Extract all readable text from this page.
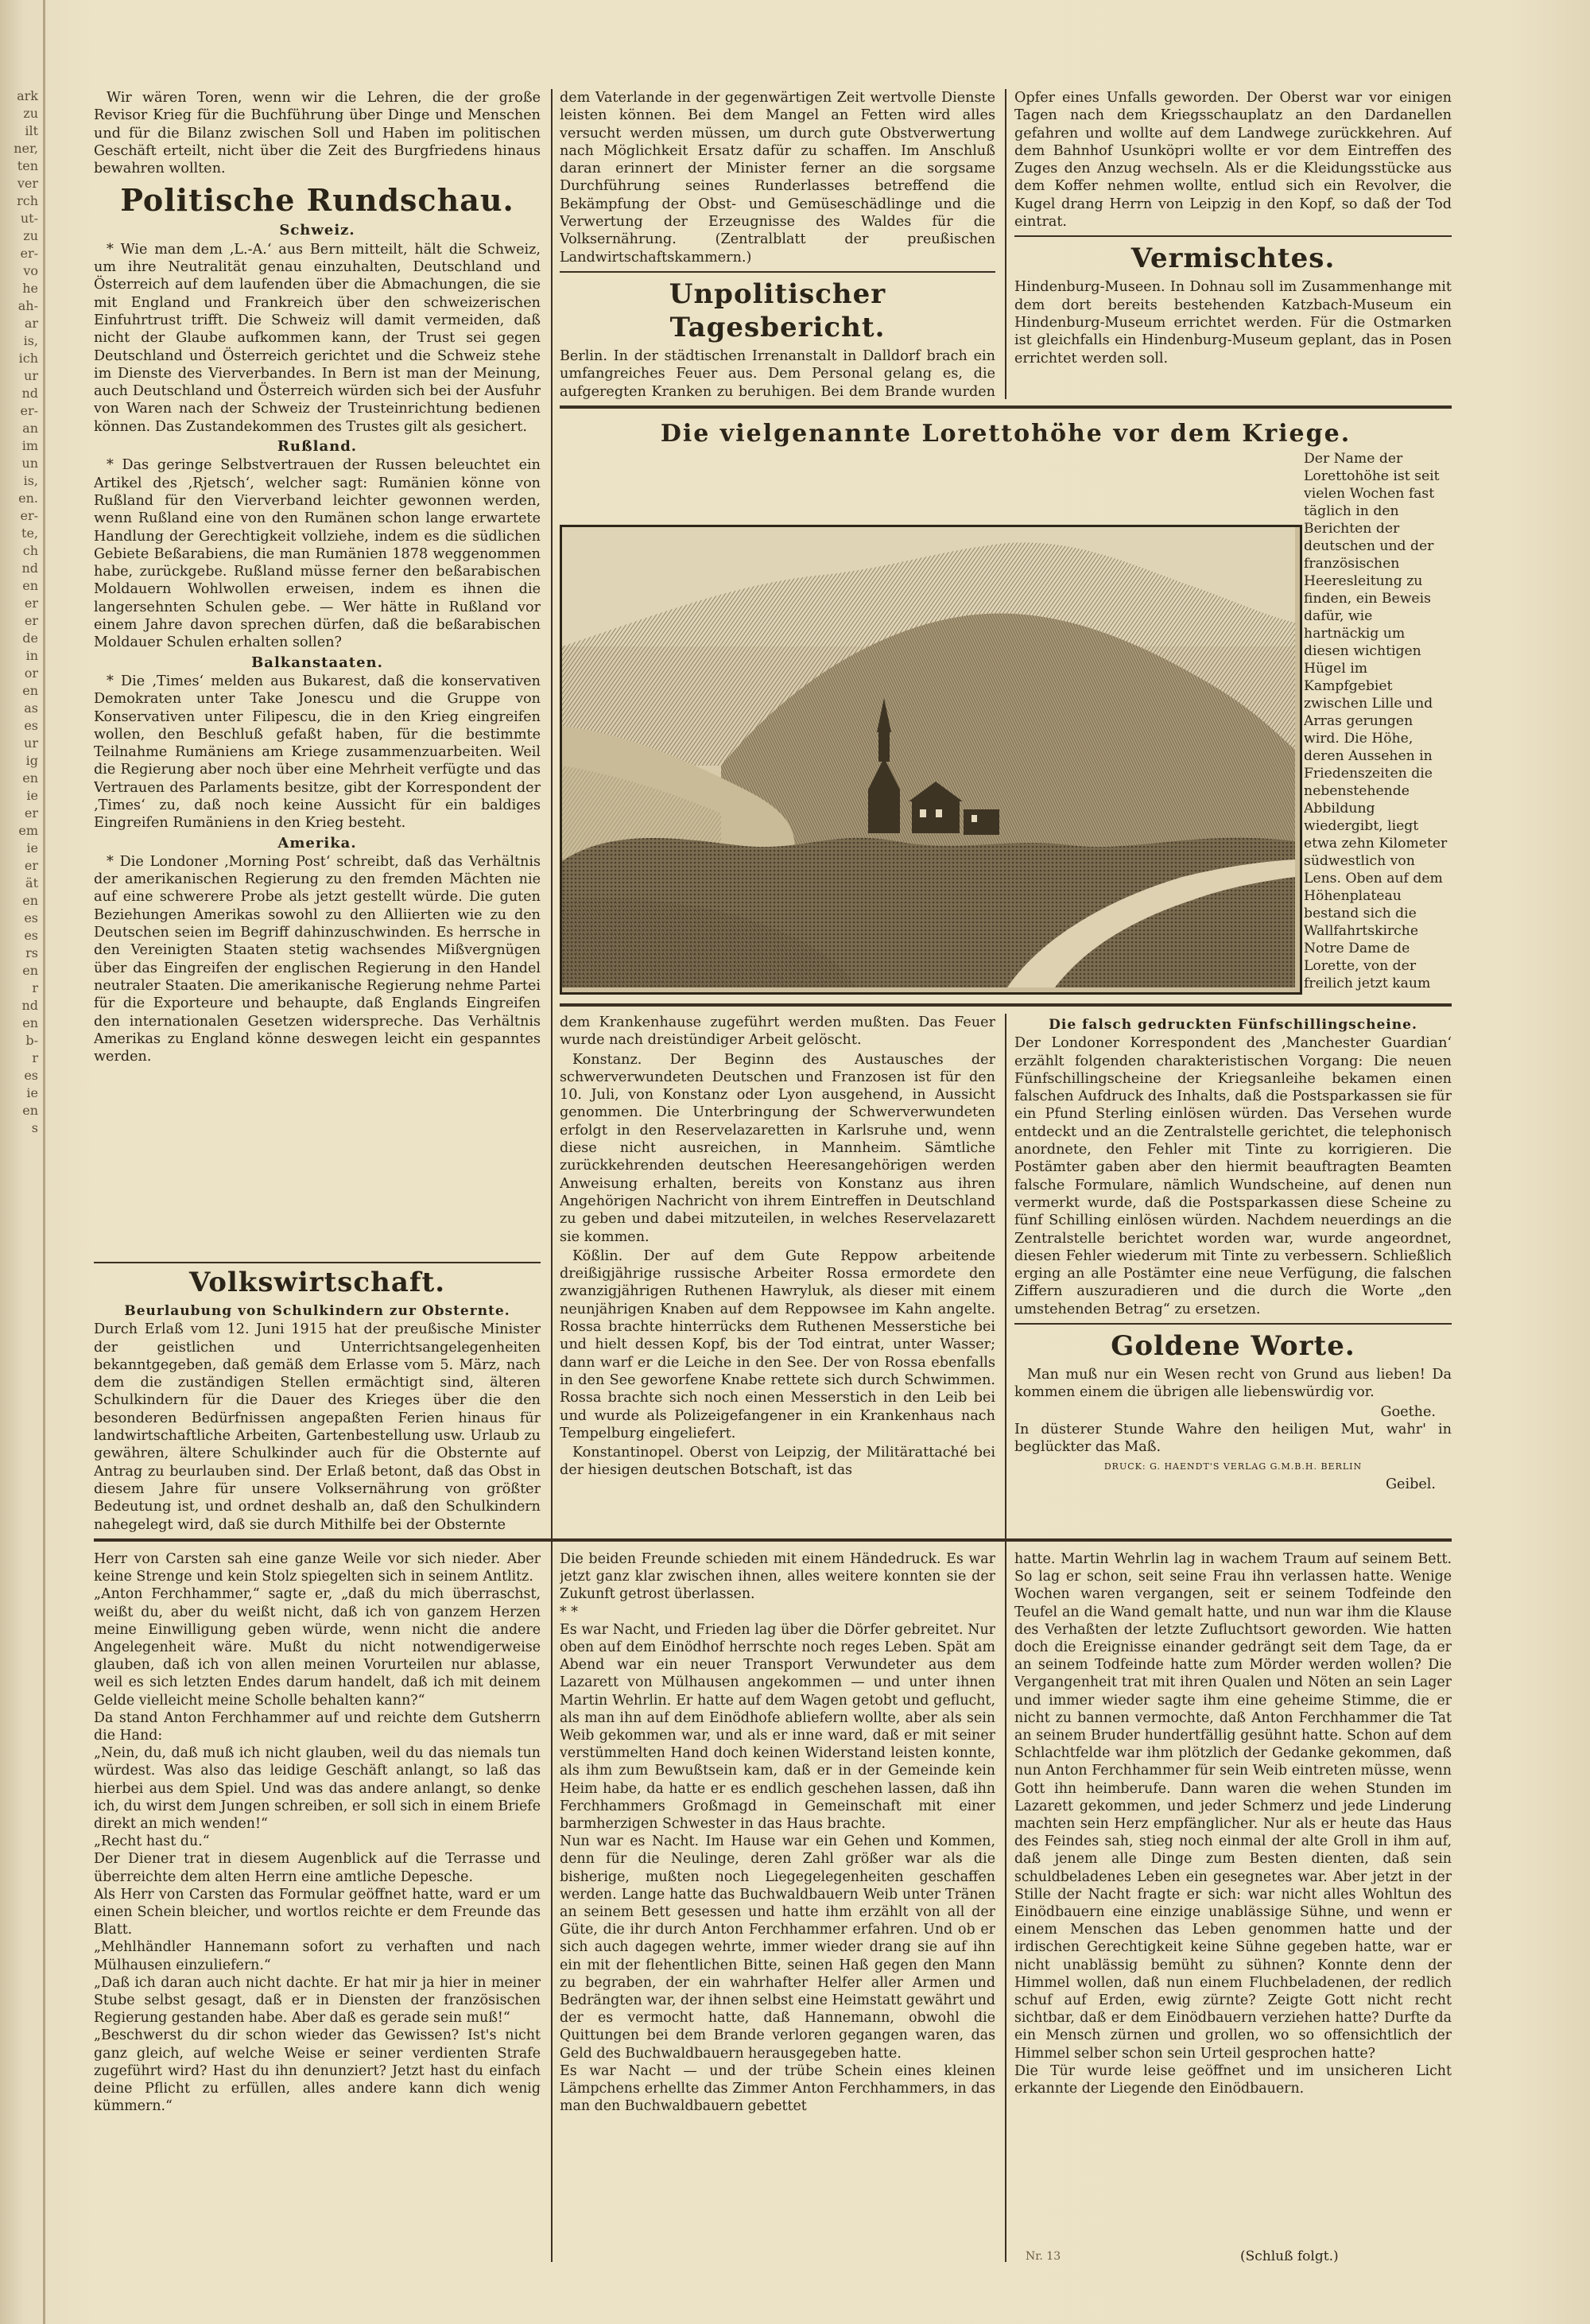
ark
zu
ilt
ner,
ten
ver
rch
ut-
zu
er-
vo
he
ah-
ar
is,
ich
ur
nd
er-
an
im
un
is,
en.
er-
te,
ch
nd
en
er
er
de
in
or
en
as
es
ur
ig
en
ie
er
em
ie
er
ät
en
es
es
rs
en
r
nd
en
b-
r
es
ie
en
s

Wir wären Toren, wenn wir die Lehren, die der große Revisor Krieg für die Buchführung über Dinge und Menschen und für die Bilanz zwischen Soll und Haben im politischen Geschäft erteilt, nicht über die Zeit des Burgfriedens hinaus bewahren wollten.

Politische Rundschau.
Schweiz.

* Wie man dem ‚L.-A.‘ aus Bern mitteilt, hält die Schweiz, um ihre Neutralität genau einzuhalten, Deutschland und Österreich auf dem laufenden über die Abmachungen, die sie mit England und Frankreich über den schweizerischen Einfuhrtrust trifft. Die Schweiz will damit vermeiden, daß nicht der Glaube aufkommen kann, der Trust sei gegen Deutschland und Österreich gerichtet und die Schweiz stehe im Dienste des Vierverbandes. In Bern ist man der Meinung, auch Deutschland und Österreich würden sich bei der Ausfuhr von Waren nach der Schweiz der Trusteinrichtung bedienen können. Das Zustandekommen des Trustes gilt als gesichert.

Rußland.

* Das geringe Selbstvertrauen der Russen beleuchtet ein Artikel des ‚Rjetsch‘, welcher sagt: Rumänien könne von Rußland für den Vierverband leichter gewonnen werden, wenn Rußland eine von den Rumänen schon lange erwartete Handlung der Gerechtigkeit vollziehe, indem es die südlichen Gebiete Beßarabiens, die man Rumänien 1878 weggenommen habe, zurückgebe. Rußland müsse ferner den beßarabischen Moldauern Wohlwollen erweisen, indem es ihnen die langersehnten Schulen gebe. — Wer hätte in Rußland vor einem Jahre davon sprechen dürfen, daß die beßarabischen Moldauer Schulen erhalten sollen?

Balkanstaaten.

* Die ‚Times‘ melden aus Bukarest, daß die konservativen Demokraten unter Take Jonescu und die Gruppe von Konservativen unter Filipescu, die in den Krieg eingreifen wollen, den Beschluß gefaßt haben, für die bestimmte Teilnahme Rumäniens am Kriege zusammenzuarbeiten. Weil die Regierung aber noch über eine Mehrheit verfügte und das Vertrauen des Parlaments besitze, gibt der Korrespondent der ‚Times‘ zu, daß noch keine Aussicht für ein baldiges Eingreifen Rumäniens in den Krieg besteht.

Amerika.

* Die Londoner ‚Morning Post‘ schreibt, daß das Verhältnis der amerikanischen Regierung zu den fremden Mächten nie auf eine schwerere Probe als jetzt gestellt würde. Die guten Beziehungen Amerikas sowohl zu den Alliierten wie zu den Deutschen seien im Begriff dahinzuschwinden. Es herrsche in den Vereinigten Staaten stetig wachsendes Mißvergnügen über das Eingreifen der englischen Regierung in den Handel neutraler Staaten. Die amerikanische Regierung nehme Partei für die Exporteure und behaupte, daß Englands Eingreifen den internationalen Gesetzen widerspreche. Das Verhältnis Amerikas zu England könne deswegen leicht ein gespanntes werden.

Volkswirtschaft.
Beurlaubung von Schulkindern zur Obsternte.

Durch Erlaß vom 12. Juni 1915 hat der preußische Minister der geistlichen und Unterrichtsangelegenheiten bekanntgegeben, daß gemäß dem Erlasse vom 5. März, nach dem die zuständigen Stellen ermächtigt sind, älteren Schulkindern für die Dauer des Krieges über die den besonderen Bedürfnissen angepaßten Ferien hinaus für landwirtschaftliche Arbeiten, Gartenbestellung usw. Urlaub zu gewähren, ältere Schulkinder auch für die Obsternte auf Antrag zu beurlauben sind. Der Erlaß betont, daß das Obst in diesem Jahre für unsere Volksernährung von größter Bedeutung ist, und ordnet deshalb an, daß den Schulkindern nahegelegt wird, daß sie durch Mithilfe bei der Obsternte

dem Vaterlande in der gegenwärtigen Zeit wertvolle Dienste leisten können. Bei dem Mangel an Fetten wird alles versucht werden müssen, um durch gute Obstverwertung nach Möglichkeit Ersatz dafür zu schaffen. Im Anschluß daran erinnert der Minister ferner an die sorgsame Durchführung seines Runderlasses betreffend die Bekämpfung der Obst- und Gemüseschädlinge und die Verwertung der Erzeugnisse des Waldes für die Volksernährung. (Zentralblatt der preußischen Landwirtschaftskammern.)

Unpolitischer Tagesbericht.

Berlin. In der städtischen Irrenanstalt in Dalldorf brach ein umfangreiches Feuer aus. Dem Personal gelang es, die aufgeregten Kranken zu beruhigen. Bei dem Brande wurden

Opfer eines Unfalls geworden. Der Oberst war vor einigen Tagen nach dem Kriegsschauplatz an den Dardanellen gefahren und wollte auf dem Landwege zurückkehren. Auf dem Bahnhof Usunköpri wollte er vor dem Eintreffen des Zuges den Anzug wechseln. Als er die Kleidungsstücke aus dem Koffer nehmen wollte, entlud sich ein Revolver, die Kugel drang Herrn von Leipzig in den Kopf, so daß der Tod eintrat.

Vermischtes.

Hindenburg-Museen. In Dohnau soll im Zusammenhange mit dem dort bereits bestehenden Katzbach-Museum ein Hindenburg-Museum errichtet werden. Für die Ostmarken ist gleichfalls ein Hindenburg-Museum geplant, das in Posen errichtet werden soll.

Die vielgenannte Lorettohöhe vor dem Kriege.
Der Name der Lorettohöhe ist seit vielen Wochen fast täglich in den Berichten der deutschen und der französischen Heeresleitung zu finden, ein Beweis dafür, wie hartnäckig um diesen wichtigen Hügel im Kampfgebiet zwischen Lille und Arras gerungen wird. Die Höhe, deren Aussehen in Friedenszeiten die nebenstehende Abbildung wiedergibt, liegt etwa zehn Kilometer südwestlich von Lens. Oben auf dem Höhenplateau bestand sich die Wallfahrtskirche Notre Dame de Lorette, von der freilich jetzt kaum

dem Krankenhause zugeführt werden mußten. Das Feuer wurde nach dreistündiger Arbeit gelöscht.

Konstanz. Der Beginn des Austausches der schwerverwundeten Deutschen und Franzosen ist für den 10. Juli, von Konstanz oder Lyon ausgehend, in Aussicht genommen. Die Unterbringung der Schwerverwundeten erfolgt in den Reservelazaretten in Karlsruhe und, wenn diese nicht ausreichen, in Mannheim. Sämtliche zurückkehrenden deutschen Heeresangehörigen werden Anweisung erhalten, bereits von Konstanz aus ihren Angehörigen Nachricht von ihrem Eintreffen in Deutschland zu geben und dabei mitzuteilen, in welches Reservelazarett sie kommen.

Kößlin. Der auf dem Gute Reppow arbeitende dreißigjährige russische Arbeiter Rossa ermordete den zwanzigjährigen Ruthenen Hawryluk, als dieser mit einem neunjährigen Knaben auf dem Reppowsee im Kahn angelte. Rossa brachte hinterrücks dem Ruthenen Messerstiche bei und hielt dessen Kopf, bis der Tod eintrat, unter Wasser; dann warf er die Leiche in den See. Der von Rossa ebenfalls in den See geworfene Knabe rettete sich durch Schwimmen. Rossa brachte sich noch einen Messerstich in den Leib bei und wurde als Polizeigefangener in ein Krankenhaus nach Tempelburg eingeliefert.

Konstantinopel. Oberst von Leipzig, der Militärattaché bei der hiesigen deutschen Botschaft, ist das

Die falsch gedruckten Fünfschillingscheine.

Der Londoner Korrespondent des ‚Manchester Guardian‘ erzählt folgenden charakteristischen Vorgang: Die neuen Fünfschillingscheine der Kriegsanleihe bekamen einen falschen Aufdruck des Inhalts, daß die Postsparkassen sie für ein Pfund Sterling einlösen würden. Das Versehen wurde entdeckt und an die Zentralstelle gerichtet, die telephonisch anordnete, den Fehler mit Tinte zu korrigieren. Die Postämter gaben aber den hiermit beauftragten Beamten falsche Formulare, nämlich Wundscheine, auf denen nun vermerkt wurde, daß die Postsparkassen diese Scheine zu fünf Schilling einlösen würden. Nachdem neuerdings an die Zentralstelle berichtet worden war, wurde angeordnet, diesen Fehler wiederum mit Tinte zu verbessern. Schließlich erging an alle Postämter eine neue Verfügung, die falschen Ziffern auszuradieren und die durch die Worte „den umstehenden Betrag“ zu ersetzen.

Goldene Worte.

Man muß nur ein Wesen recht von Grund aus lieben! Da kommen einem die übrigen alle liebenswürdig vor.

Goethe.

In düsterer Stunde Wahre den heiligen Mut, wahr' in beglückter das Maß.

DRUCK: G. HAENDT'S VERLAG G.M.B.H. BERLIN
Geibel.
Herr von Carsten sah eine ganze Weile vor sich nieder. Aber keine Strenge und kein Stolz spiegelten sich in seinem Antlitz.
„Anton Ferchhammer,“ sagte er, „daß du mich überraschst, weißt du, aber du weißt nicht, daß ich von ganzem Herzen meine Einwilligung geben würde, wenn nicht die andere Angelegenheit wäre. Mußt du nicht notwendigerweise glauben, daß ich von allen meinen Vorurteilen nur ablasse, weil es sich letzten Endes darum handelt, daß ich mit deinem Gelde vielleicht meine Scholle behalten kann?“
Da stand Anton Ferchhammer auf und reichte dem Gutsherrn die Hand:
„Nein, du, daß muß ich nicht glauben, weil du das niemals tun würdest. Was also das leidige Geschäft anlangt, so laß das hierbei aus dem Spiel. Und was das andere anlangt, so denke ich, du wirst dem Jungen schreiben, er soll sich in einem Briefe direkt an mich wenden!“
„Recht hast du.“
Der Diener trat in diesem Augenblick auf die Terrasse und überreichte dem alten Herrn eine amtliche Depesche.
Als Herr von Carsten das Formular geöffnet hatte, ward er um einen Schein bleicher, und wortlos reichte er dem Freunde das Blatt.
„Mehlhändler Hannemann sofort zu verhaften und nach Mülhausen einzuliefern.“
„Daß ich daran auch nicht dachte. Er hat mir ja hier in meiner Stube selbst gesagt, daß er in Diensten der französischen Regierung gestanden habe. Aber daß es gerade sein muß!“
„Beschwerst du dir schon wieder das Gewissen? Ist's nicht ganz gleich, auf welche Weise er seiner verdienten Strafe zugeführt wird? Hast du ihn denunziert? Jetzt hast du einfach deine Pflicht zu erfüllen, alles andere kann dich wenig kümmern.“
Die beiden Freunde schieden mit einem Händedruck. Es war jetzt ganz klar zwischen ihnen, alles weitere konnten sie der Zukunft getrost überlassen.
* *
Es war Nacht, und Frieden lag über die Dörfer gebreitet. Nur oben auf dem Einödhof herrschte noch reges Leben. Spät am Abend war ein neuer Transport Verwundeter aus dem Lazarett von Mülhausen angekommen — und unter ihnen Martin Wehrlin. Er hatte auf dem Wagen getobt und geflucht, als man ihn auf dem Einödhofe abliefern wollte, aber als sein Weib gekommen war, und als er inne ward, daß er mit seiner verstümmelten Hand doch keinen Widerstand leisten konnte, als ihm zum Bewußtsein kam, daß er in der Gemeinde kein Heim habe, da hatte er es endlich geschehen lassen, daß ihn Ferchhammers Großmagd in Gemeinschaft mit einer barmherzigen Schwester in das Haus brachte.
Nun war es Nacht. Im Hause war ein Gehen und Kommen, denn für die Neulinge, deren Zahl größer war als die bisherige, mußten noch Liegegelegenheiten geschaffen werden. Lange hatte das Buchwaldbauern Weib unter Tränen an seinem Bett gesessen und hatte ihm erzählt von all der Güte, die ihr durch Anton Ferchhammer erfahren. Und ob er sich auch dagegen wehrte, immer wieder drang sie auf ihn ein mit der flehentlichen Bitte, seinen Haß gegen den Mann zu begraben, der ein wahrhafter Helfer aller Armen und Bedrängten war, der ihnen selbst eine Heimstatt gewährt und der es vermocht hatte, daß Hannemann, obwohl die Quittungen bei dem Brande verloren gegangen waren, das Geld des Buchwaldbauern herausgegeben hatte.
Es war Nacht — und der trübe Schein eines kleinen Lämpchens erhellte das Zimmer Anton Ferchhammers, in das man den Buchwaldbauern gebettet
hatte. Martin Wehrlin lag in wachem Traum auf seinem Bett. So lag er schon, seit seine Frau ihn verlassen hatte. Wenige Wochen waren vergangen, seit er seinem Todfeinde den Teufel an die Wand gemalt hatte, und nun war ihm die Klause des Verhaßten der letzte Zufluchtsort geworden. Wie hatten doch die Ereignisse einander gedrängt seit dem Tage, da er an seinem Todfeinde hatte zum Mörder werden wollen? Die Vergangenheit trat mit ihren Qualen und Nöten an sein Lager und immer wieder sagte ihm eine geheime Stimme, die er nicht zu bannen vermochte, daß Anton Ferchhammer die Tat an seinem Bruder hundertfällig gesühnt hatte. Schon auf dem Schlachtfelde war ihm plötzlich der Gedanke gekommen, daß nun Anton Ferchhammer für sein Weib eintreten müsse, wenn Gott ihn heimberufe. Dann waren die wehen Stunden im Lazarett gekommen, und jeder Schmerz und jede Linderung machten sein Herz empfänglicher. Nur als er heute das Haus des Feindes sah, stieg noch einmal der alte Groll in ihm auf, daß jenem alle Dinge zum Besten dienten, daß sein schuldbeladenes Leben ein gesegnetes war. Aber jetzt in der Stille der Nacht fragte er sich: war nicht alles Wohltun des Einödbauern eine einzige unablässige Sühne, und wenn er einem Menschen das Leben genommen hatte und der irdischen Gerechtigkeit keine Sühne gegeben hatte, war er nicht unablässig bemüht zu sühnen? Konnte denn der Himmel wollen, daß nun einem Fluchbeladenen, der redlich schuf auf Erden, ewig zürnte? Zeigte Gott nicht recht sichtbar, daß er dem Einödbauern verziehen hatte? Durfte da ein Mensch zürnen und grollen, wo so offensichtlich der Himmel selber schon sein Urteil gesprochen hatte?
Die Tür wurde leise geöffnet und im unsicheren Licht erkannte der Liegende den Einödbauern.
Nr. 13	(Schluß folgt.)
